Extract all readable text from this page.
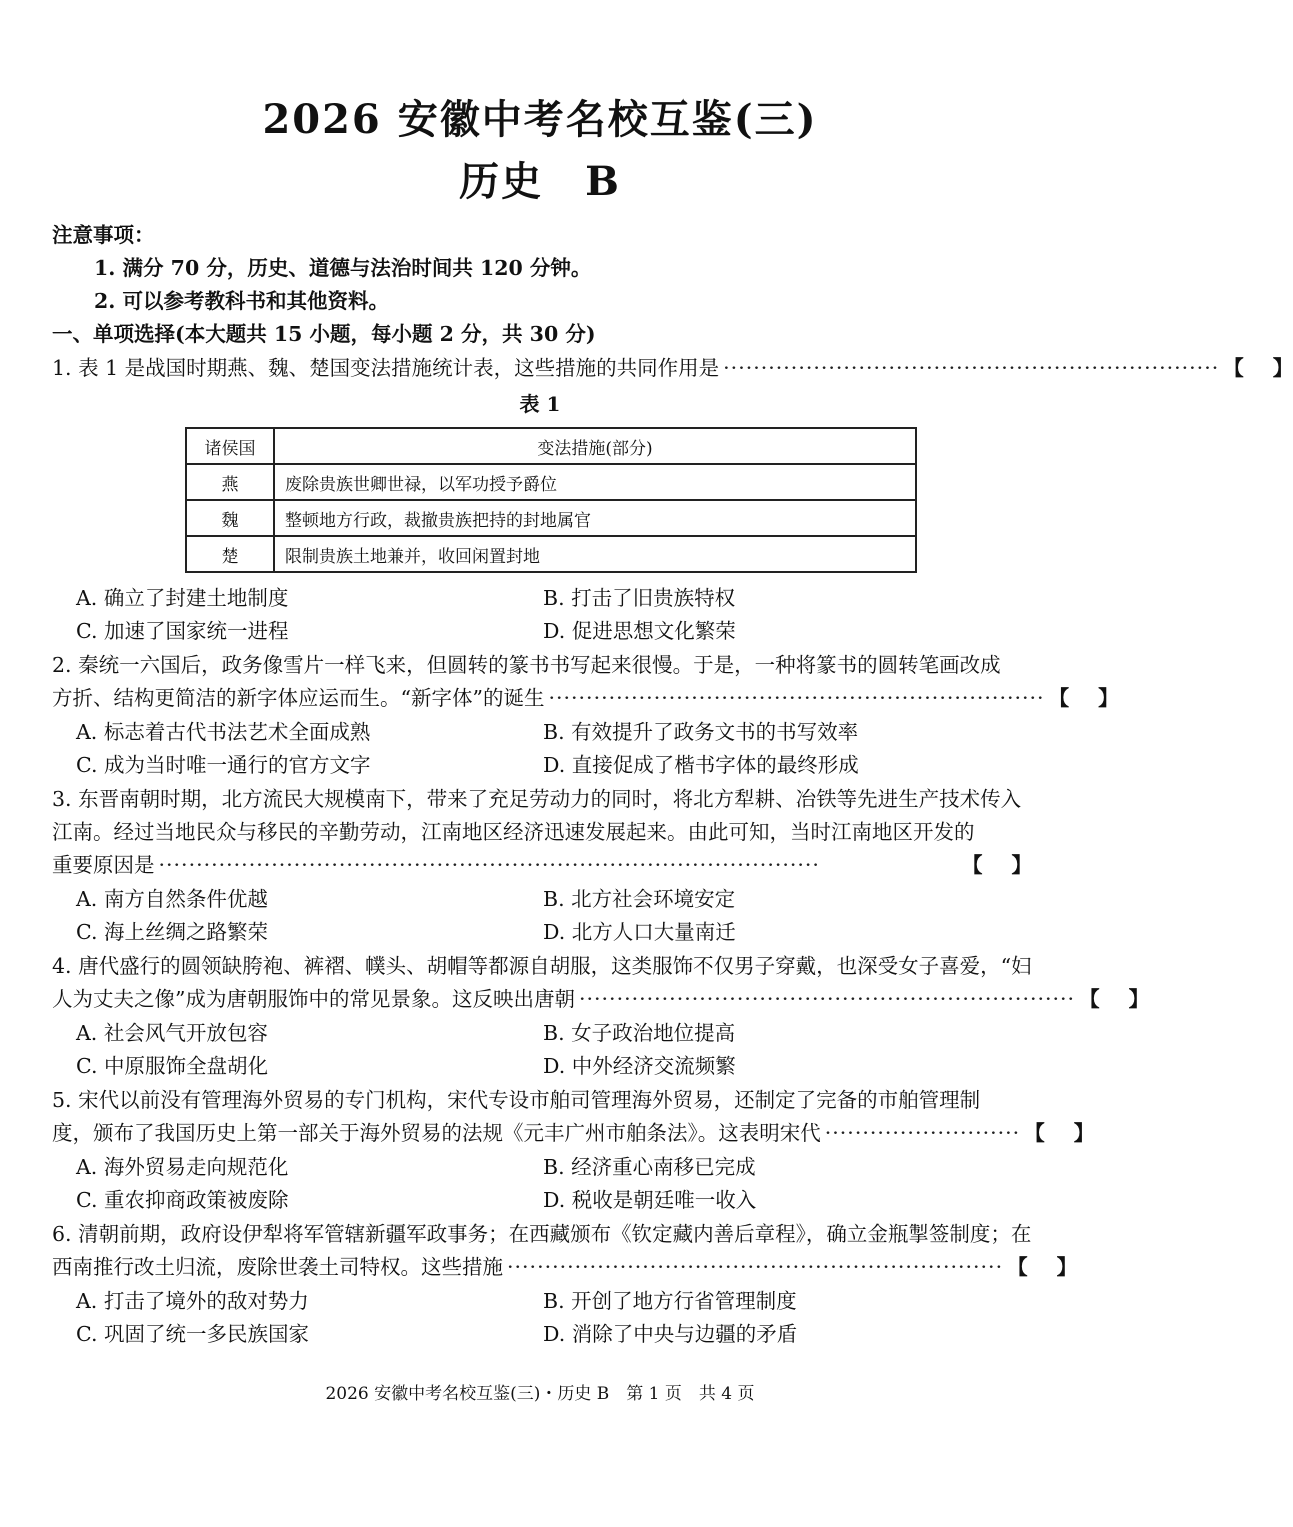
2026 安徽中考名校互鉴(三)
历史 B
注意事项：
1. 满分 70 分，历史、道德与法治时间共 120 分钟。
2. 可以参考教科书和其他资料。
一、单项选择(本大题共 15 小题，每小题 2 分，共 30 分)
1. 表 1 是战国时期燕、魏、楚国变法措施统计表，这些措施的共同作用是 ·································································· 【 】
表 1
诸侯国	变法措施(部分)
燕	废除贵族世卿世禄，以军功授予爵位
魏	整顿地方行政，裁撤贵族把持的封地属官
楚	限制贵族土地兼并，收回闲置封地
A. 确立了封建土地制度	B. 打击了旧贵族特权
C. 加速了国家统一进程	D. 促进思想文化繁荣
2. 秦统一六国后，政务像雪片一样飞来，但圆转的篆书书写起来很慢。于是，一种将篆书的圆转笔画改成
方折、结构更简洁的新字体应运而生。“新字体”的诞生 ·································································· 【 】
A. 标志着古代书法艺术全面成熟	B. 有效提升了政务文书的书写效率
C. 成为当时唯一通行的官方文字	D. 直接促成了楷书字体的最终形成
3. 东晋南朝时期，北方流民大规模南下，带来了充足劳动力的同时，将北方犁耕、冶铁等先进生产技术传入
江南。经过当地民众与移民的辛勤劳动，江南地区经济迅速发展起来。由此可知，当时江南地区开发的
重要原因是 ························································································	【 】
A. 南方自然条件优越	B. 北方社会环境安定
C. 海上丝绸之路繁荣	D. 北方人口大量南迁
4. 唐代盛行的圆领缺胯袍、裤褶、幞头、胡帽等都源自胡服，这类服饰不仅男子穿戴，也深受女子喜爱，“妇
人为丈夫之像”成为唐朝服饰中的常见景象。这反映出唐朝 ·································································· 【 】
A. 社会风气开放包容	B. 女子政治地位提高
C. 中原服饰全盘胡化	D. 中外经济交流频繁
5. 宋代以前没有管理海外贸易的专门机构，宋代专设市舶司管理海外贸易，还制定了完备的市舶管理制
度，颁布了我国历史上第一部关于海外贸易的法规《元丰广州市舶条法》。这表明宋代 ·························· 【 】
A. 海外贸易走向规范化	B. 经济重心南移已完成
C. 重农抑商政策被废除	D. 税收是朝廷唯一收入
6. 清朝前期，政府设伊犁将军管辖新疆军政事务；在西藏颁布《钦定藏内善后章程》，确立金瓶掣签制度；在
西南推行改土归流，废除世袭土司特权。这些措施 ·································································· 【 】
A. 打击了境外的敌对势力	B. 开创了地方行省管理制度
C. 巩固了统一多民族国家	D. 消除了中央与边疆的矛盾
2026 安徽中考名校互鉴(三)・历史 B　第 1 页　共 4 页
